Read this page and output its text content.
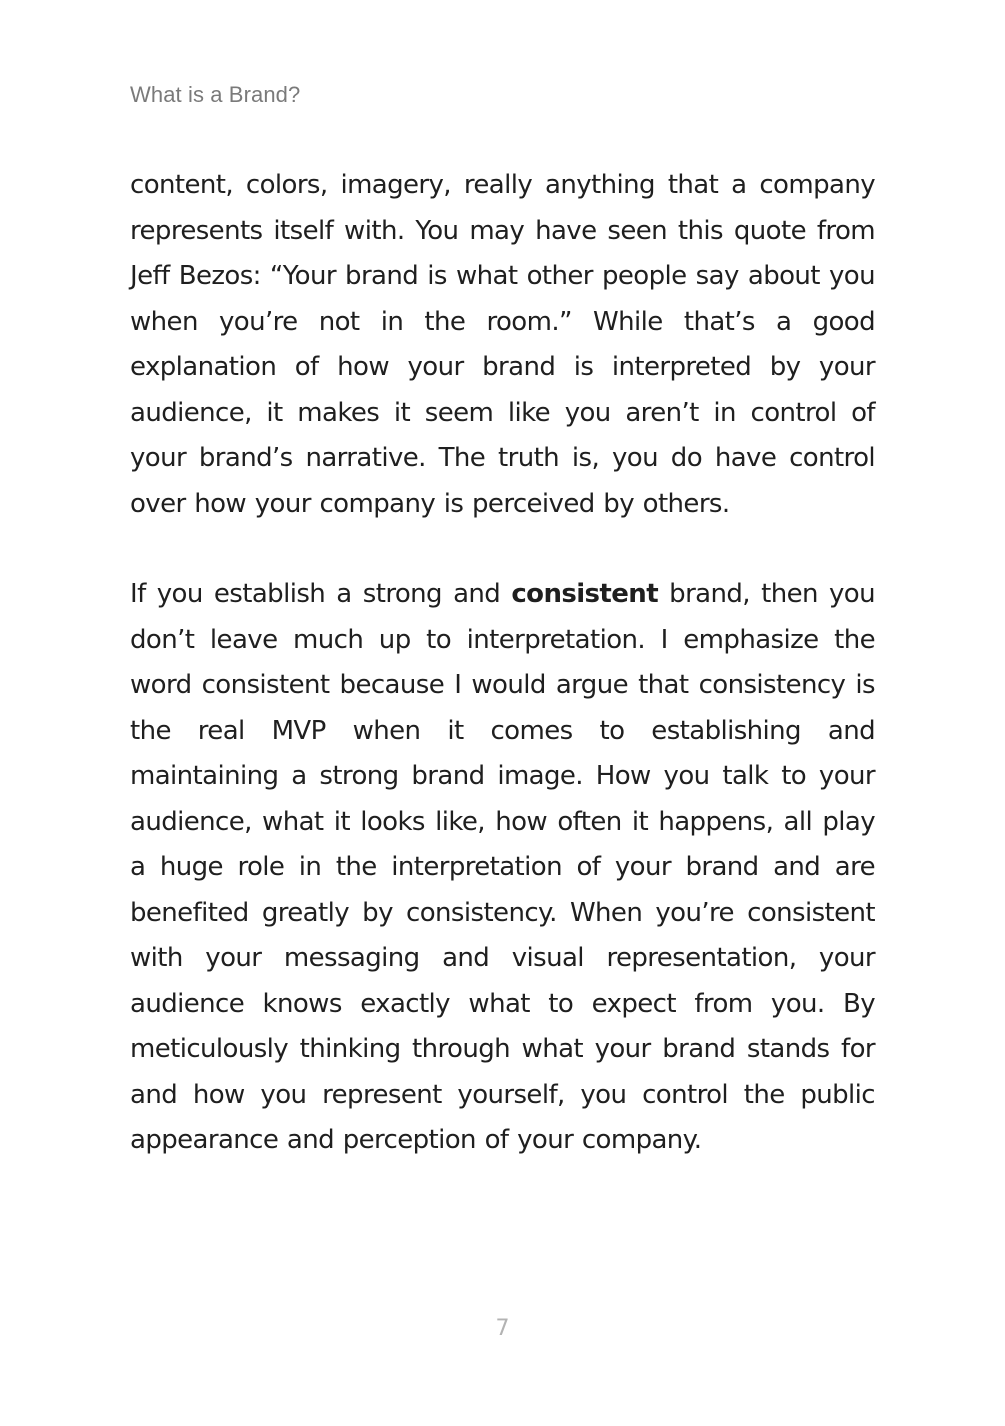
What is a Brand?

content, colors, imagery, really anything that a company represents itself with. You may have seen this quote from Jeff Bezos: “Your brand is what other people say about you when you’re not in the room.” While that’s a good explanation of how your brand is interpreted by your audience, it makes it seem like you aren’t in control of your brand’s narrative. The truth is, you do have control over how your company is perceived by others.

If you establish a strong and consistent brand, then you don’t leave much up to interpretation. I emphasize the word consistent because I would argue that consistency is the real MVP when it comes to establishing and maintaining a strong brand image. How you talk to your audience, what it looks like, how often it happens, all play a huge role in the interpretation of your brand and are benefited greatly by consistency. When you’re consistent with your messaging and visual representation, your audience knows exactly what to expect from you. By meticulously thinking through what your brand stands for and how you represent yourself, you control the public appearance and perception of your company.

7
